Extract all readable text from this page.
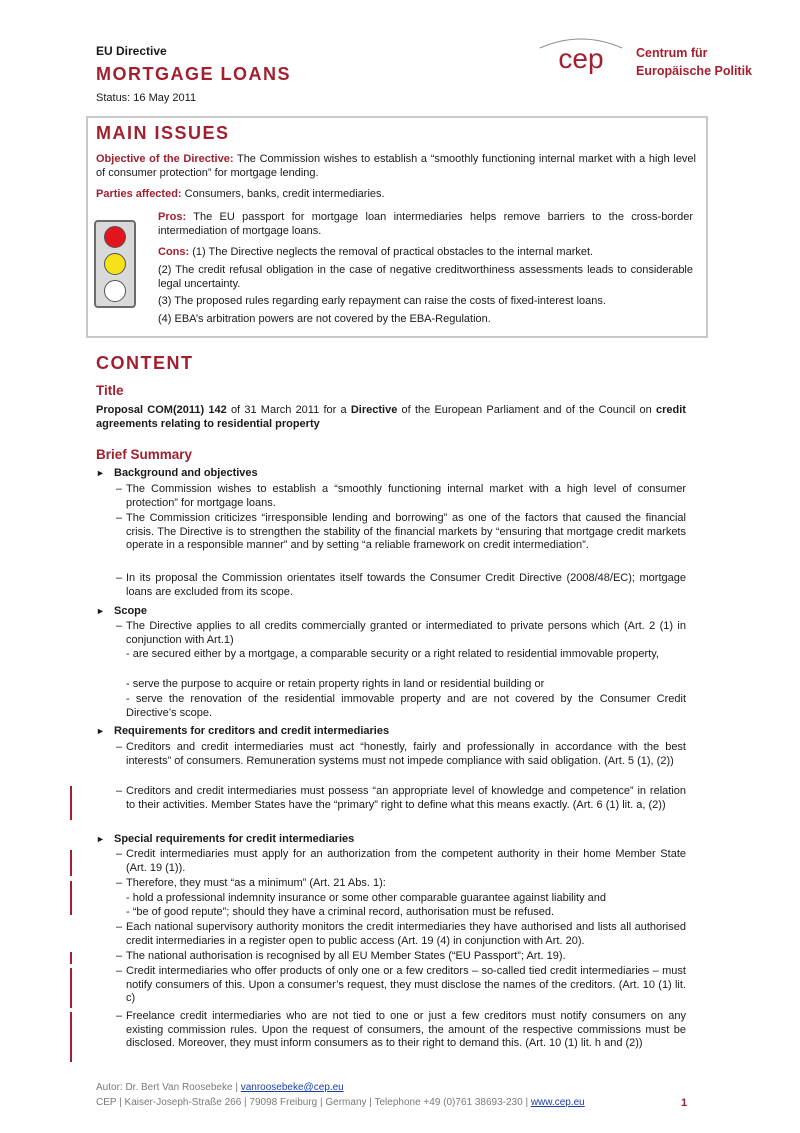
EU Directive
MORTGAGE LOANS
Status: 16 May 2011
cep	Centrum für
Europäische Politik
MAIN ISSUES
Objective of the Directive: The Commission wishes to establish a “smoothly functioning internal market with a high level of consumer protection” for mortgage lending.
Parties affected: Consumers, banks, credit intermediaries.
Pros: The EU passport for mortgage loan intermediaries helps remove barriers to the cross-border intermediation of mortgage loans.
Cons: (1) The Directive neglects the removal of practical obstacles to the internal market.
(2) The credit refusal obligation in the case of negative creditworthiness assessments leads to considerable legal uncertainty.
(3) The proposed rules regarding early repayment can raise the costs of fixed-interest loans.
(4) EBA’s arbitration powers are not covered by the EBA-Regulation.
CONTENT
Title
Proposal COM(2011) 142 of 31 March 2011 for a Directive of the European Parliament and of the Council on credit agreements relating to residential property
Brief Summary
► Background and objectives
– The Commission wishes to establish a “smoothly functioning internal market with a high level of consumer protection” for mortgage loans.
– The Commission criticizes “irresponsible lending and borrowing” as one of the factors that caused the financial crisis. The Directive is to strengthen the stability of the financial markets by “ensuring that mortgage credit markets operate in a responsible manner” and by setting “a reliable framework on credit intermediation”.
– In its proposal the Commission orientates itself towards the Consumer Credit Directive (2008/48/EC); mortgage loans are excluded from its scope.
► Scope
– The Directive applies to all credits commercially granted or intermediated to private persons which (Art. 2 (1) in conjunction with Art.1)
- are secured either by a mortgage, a comparable security or a right related to residential immovable property,
- serve the purpose to acquire or retain property rights in land or residential building or
- serve the renovation of the residential immovable property and are not covered by the Consumer Credit Directive’s scope.
► Requirements for creditors and credit intermediaries
– Creditors and credit intermediaries must act “honestly, fairly and professionally in accordance with the best interests” of consumers. Remuneration systems must not impede compliance with said obligation. (Art. 5 (1), (2))
– Creditors and credit intermediaries must possess “an appropriate level of knowledge and competence” in relation to their activities. Member States have the “primary” right to define what this means exactly. (Art. 6 (1) lit. a, (2))
► Special requirements for credit intermediaries
– Credit intermediaries must apply for an authorization from the competent authority in their home Member State (Art. 19 (1)).
– Therefore, they must “as a minimum” (Art. 21 Abs. 1):
- hold a professional indemnity insurance or some other comparable guarantee against liability and
- “be of good repute”; should they have a criminal record, authorisation must be refused.
– Each national supervisory authority monitors the credit intermediaries they have authorised and lists all authorised credit intermediaries in a register open to public access (Art. 19 (4) in conjunction with Art. 20).
– The national authorisation is recognised by all EU Member States (“EU Passport”; Art. 19).
– Credit intermediaries who offer products of only one or a few creditors – so-called tied credit intermediaries – must notify consumers of this. Upon a consumer’s request, they must disclose the names of the creditors. (Art. 10 (1) lit. c)
– Freelance credit intermediaries who are not tied to one or just a few creditors must notify consumers on any existing commission rules. Upon the request of consumers, the amount of the respective commissions must be disclosed. Moreover, they must inform consumers as to their right to demand this. (Art. 10 (1) lit. h and (2))
Autor: Dr. Bert Van Roosebeke | vanroosebeke@cep.eu
CEP | Kaiser-Joseph-Straße 266 | 79098 Freiburg | Germany | Telephone +49 (0)761 38693-230 | www.cep.eu	1
